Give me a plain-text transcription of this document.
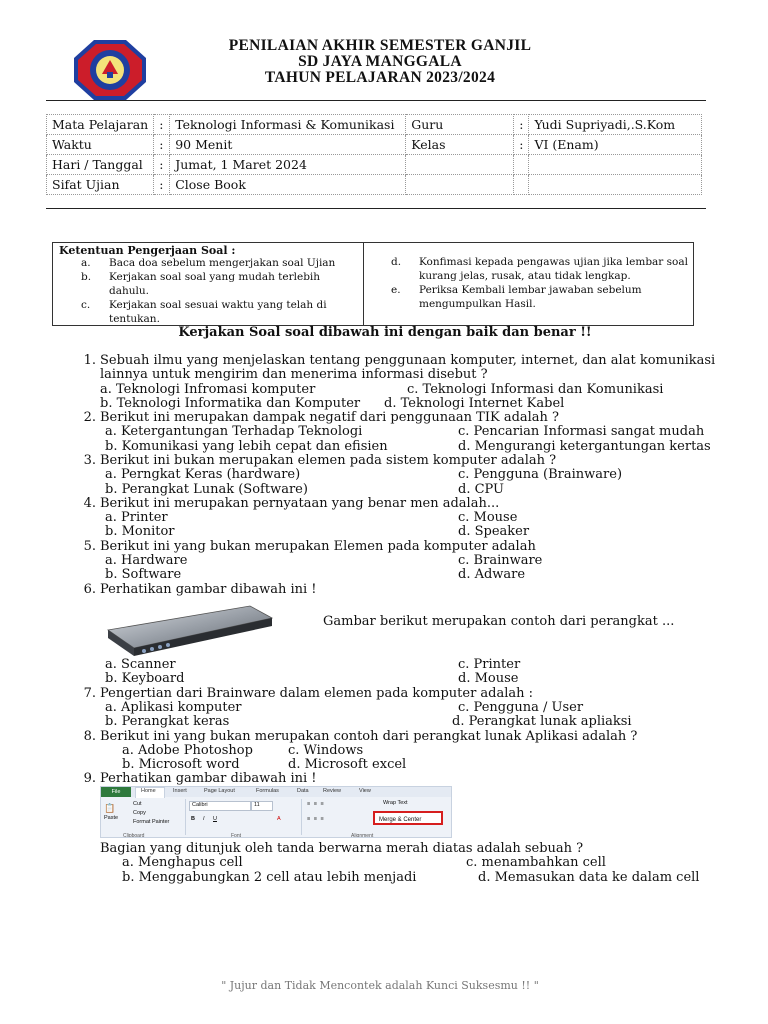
PENILAIAN AKHIR SEMESTER GANJIL
SD JAYA MANGGALA
TAHUN PELAJARAN 2023/2024
Mata Pelajaran	:	Teknologi Informasi & Komunikasi	Guru	:	Yudi Supriyadi,.S.Kom
Waktu	:	90 Menit	Kelas	:	VI (Enam)
Hari / Tanggal	:	Jumat, 1 Maret 2024			
Sifat Ujian	:	Close Book			
Ketentuan Pengerjaan Soal :
a.	Baca doa sebelum mengerjakan soal Ujian
b.	Kerjakan soal soal yang mudah terlebih
dahulu.
c.	Kerjakan soal sesuai waktu yang telah di
tentukan.
d.	Konfimasi kepada pengawas ujian jika lembar soal
kurang jelas, rusak, atau tidak lengkap.
e.	Periksa Kembali lembar jawaban sebelum
mengumpulkan Hasil.
Kerjakan Soal soal dibawah ini dengan baik dan benar !!
1. Sebuah ilmu yang menjelaskan tentang penggunaan komputer, internet, dan alat komunikasi
lainnya untuk mengirim dan menerima informasi disebut ?
a. Teknologi Infromasi komputer	c. Teknologi Informasi dan Komunikasi
b. Teknologi Informatika dan Komputer d. Teknologi Internet Kabel
2. Berikut ini merupakan dampak negatif dari penggunaan TIK adalah ?
a. Ketergantungan Terhadap Teknologi	c. Pencarian Informasi sangat mudah
b. Komunikasi yang lebih cepat dan efisien	d. Mengurangi ketergantungan kertas
3. Berikut ini bukan merupakan elemen pada sistem komputer adalah ?
a. Perngkat Keras (hardware)	c. Pengguna (Brainware)
b. Perangkat Lunak (Software)	d. CPU
4. Berikut ini merupakan pernyataan yang benar men adalah...
a. Printer	c. Mouse
b. Monitor	d. Speaker
5. Berikut ini yang bukan merupakan Elemen pada komputer adalah
a. Hardware	c. Brainware
b. Software	d. Adware
6. Perhatikan gambar dibawah ini !
Gambar berikut merupakan contoh dari perangkat ...
a. Scanner	c. Printer
b. Keyboard	d. Mouse
7. Pengertian dari Brainware dalam elemen pada komputer adalah :
a. Aplikasi komputer	c. Pengguna / User
b. Perangkat keras	d. Perangkat lunak apliaksi
8. Berikut ini yang bukan merupakan contoh dari perangkat lunak Aplikasi adalah ?
a. Adobe Photoshop	c. Windows
b. Microsoft word	d. Microsoft excel
9. Perhatikan gambar dibawah ini !
File	Home	Insert	Page Layout	Formulas	Data	Review	View
📋
Paste
Cut
Copy
Format Painter
Clipboard
Calibri	11
B I U	A
Font
≡ ≡ ≡
≡ ≡ ≡
Wrap Text
Merge & Center
Alignment
Bagian yang ditunjuk oleh tanda berwarna merah diatas adalah sebuah ?
a. Menghapus cell	c. menambahkan cell
b. Menggabungkan 2 cell atau lebih menjadi	d. Memasukan data ke dalam cell
" Jujur dan Tidak Mencontek adalah Kunci Suksesmu !! "
